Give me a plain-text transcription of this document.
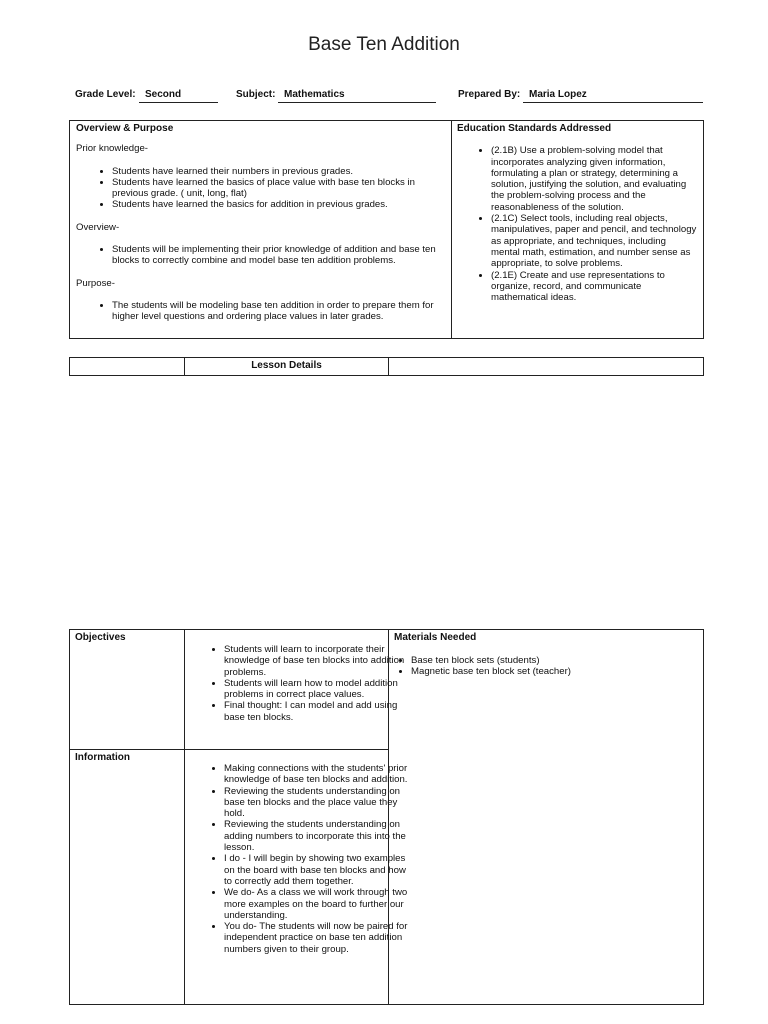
Base Ten Addition
Grade Level: Second	Subject: Mathematics	Prepared By: Maria Lopez
Overview & Purpose
Prior knowledge-
• Students have learned their numbers in previous grades.
• Students have learned the basics of place value with base ten blocks in previous grade. ( unit, long, flat)
• Students have learned the basics for addition in previous grades.
Overview-
• Students will be implementing their prior knowledge of addition and base ten blocks to correctly combine and model base ten addition problems.
Purpose-
• The students will be modeling base ten addition in order to prepare them for higher level questions and ordering place values in later grades.
Education Standards Addressed
• (2.1B) Use a problem-solving model that incorporates analyzing given information, formulating a plan or strategy, determining a solution, justifying the solution, and evaluating the problem-solving process and the reasonableness of the solution.
• (2.1C) Select tools, including real objects, manipulatives, paper and pencil, and technology as appropriate, and techniques, including mental math, estimation, and number sense as appropriate, to solve problems.
• (2.1E) Create and use representations to organize, record, and communicate mathematical ideas.
Lesson Details
Objectives
• Students will learn to incorporate their knowledge of base ten blocks into addition problems.
• Students will learn how to model addition problems in correct place values.
• Final thought: I can model and add using base ten blocks.
Materials Needed
• Base ten block sets (students)
• Magnetic base ten block set (teacher)
Information
• Making connections with the students' prior knowledge of base ten blocks and addition.
• Reviewing the students understanding on base ten blocks and the place value they hold.
• Reviewing the students understanding on adding numbers to incorporate this into the lesson.
• I do - I will begin by showing two examples on the board with base ten blocks and how to correctly add them together.
• We do- As a class we will work through two more examples on the board to further our understanding.
• You do- The students will now be paired for independent practice on base ten addition numbers given to their group.
